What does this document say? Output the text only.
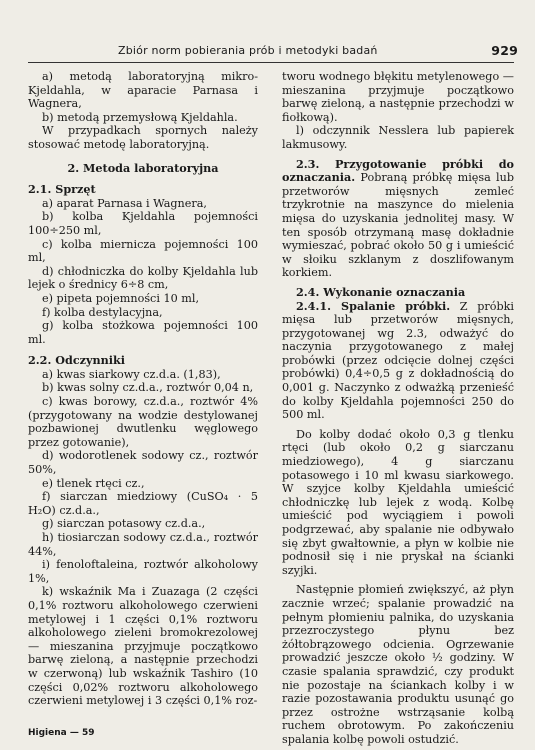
Zbiór norm pobierania prób i metodyki badań	929

a) metodą laboratoryjną mikro-Kjeldahla, w aparacie Parnasa i Wagnera,

b) metodą przemysłową Kjeldahla.

W przypadkach spornych należy stosować metodę laboratoryjną.

2. Metoda laboratoryjna

2.1. Sprzęt

a) aparat Parnasa i Wagnera,

b) kolba Kjeldahla pojemności 100÷250 ml,

c) kolba miernicza pojemności 100 ml,

d) chłodniczka do kolby Kjeldahla lub lejek o średnicy 6÷8 cm,

e) pipeta pojemności 10 ml,

f) kolba destylacyjna,

g) kolba stożkowa pojemności 100 ml.

2.2. Odczynniki

a) kwas siarkowy cz.d.a. (1,83),

b) kwas solny cz.d.a., roztwór 0,04 n,

c) kwas borowy, cz.d.a., roztwór 4% (przygotowany na wodzie destylowanej pozbawionej dwutlenku węglowego przez gotowanie),

d) wodorotlenek sodowy cz., roztwór 50%,

e) tlenek rtęci cz.,

f) siarczan miedziowy (CuSO₄ · 5 H₂O) cz.d.a.,

g) siarczan potasowy cz.d.a.,

h) tiosiarczan sodowy cz.d.a., roztwór 44%,

i) fenoloftaleina, roztwór alkoholowy 1%,

k) wskaźnik Ma i Zuazaga (2 części 0,1% roztworu alkoholowego czerwieni metylowej i 1 części 0,1% roztworu alkoholowego zieleni bromokrezolowej — mieszanina przyjmuje początkowo barwę zieloną, a następnie przechodzi w czerwoną) lub wskaźnik Tashiro (10 części 0,02% roztworu alkoholowego czerwieni metylowej i 3 części 0,1% roz-

tworu wodnego błękitu metylenowego — mieszanina przyjmuje początkowo barwę zieloną, a następnie przechodzi w fiołkową).

l) odczynnik Nesslera lub papierek lakmusowy.

2.3. Przygotowanie próbki do oznaczania. Pobraną próbkę mięsa lub przetworów mięsnych zemleć trzykrotnie na maszynce do mielenia mięsa do uzyskania jednolitej masy. W ten sposób otrzymaną masę dokładnie wymieszać, pobrać około 50 g i umieścić w słoiku szklanym z doszlifowanym korkiem.

2.4. Wykonanie oznaczania

2.4.1. Spalanie próbki. Z próbki mięsa lub przetworów mięsnych, przygotowanej wg 2.3, odważyć do naczynia przygotowanego z małej probówki (przez odcięcie dolnej części probówki) 0,4÷0,5 g z dokładnością do 0,001 g. Naczynko z odważką przenieść do kolby Kjeldahla pojemności 250 do 500 ml.

Do kolby dodać około 0,3 g tlenku rtęci (lub około 0,2 g siarczanu miedziowego), 4 g siarczanu potasowego i 10 ml kwasu siarkowego. W szyjce kolby Kjeldahla umieścić chłodniczkę lub lejek z wodą. Kolbę umieścić pod wyciągiem i powoli podgrzewać, aby spalanie nie odbywało się zbyt gwałtownie, a płyn w kolbie nie podnosił się i nie pryskał na ścianki szyjki.

Następnie płomień zwiększyć, aż płyn zacznie wrzeć; spalanie prowadzić na pełnym płomieniu palnika, do uzyskania przezroczystego płynu bez żółtobrązowego odcienia. Ogrzewanie prowadzić jeszcze około ½ godziny. W czasie spalania sprawdzić, czy produkt nie pozostaje na ściankach kolby i w razie pozostawania produktu usunąć go przez ostrożne wstrząsanie kolbą ruchem obrotowym. Po zakończeniu spalania kolbę powoli ostudzić.

Higiena — 59
